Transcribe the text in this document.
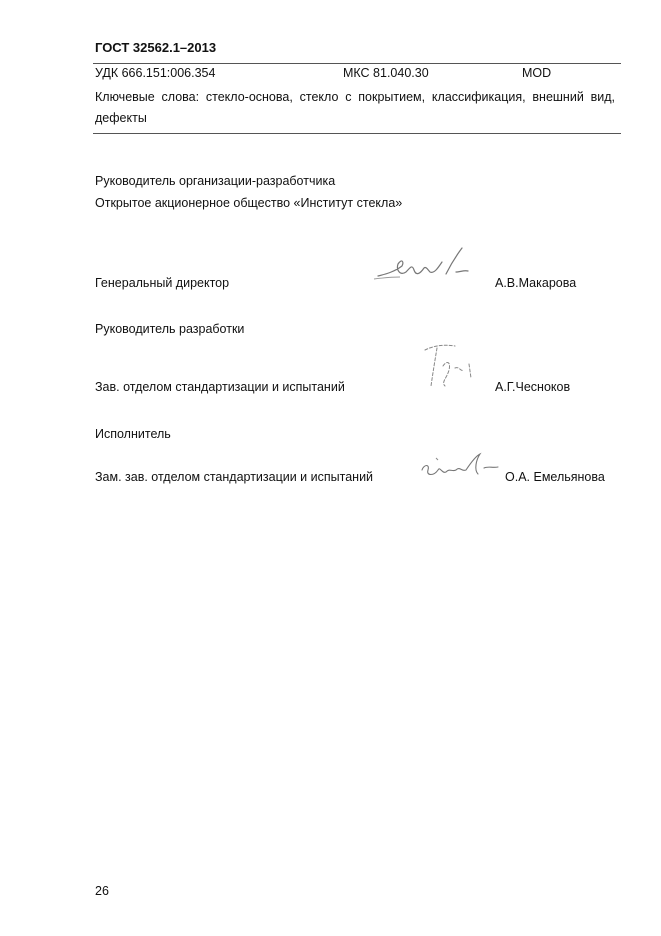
ГОСТ 32562.1–2013
УДК 666.151:006.354	МКС 81.040.30	MOD
Ключевые слова: стекло-основа, стекло с покрытием, классификация, внешний вид, дефекты
Руководитель организации-разработчика
Открытое акционерное общество «Институт стекла»
Генеральный директор	А.В.Макарова
Руководитель разработки
Зав. отделом стандартизации и испытаний	А.Г.Чесноков
Исполнитель
Зам. зав. отделом стандартизации и испытаний	О.А. Емельянова
26
